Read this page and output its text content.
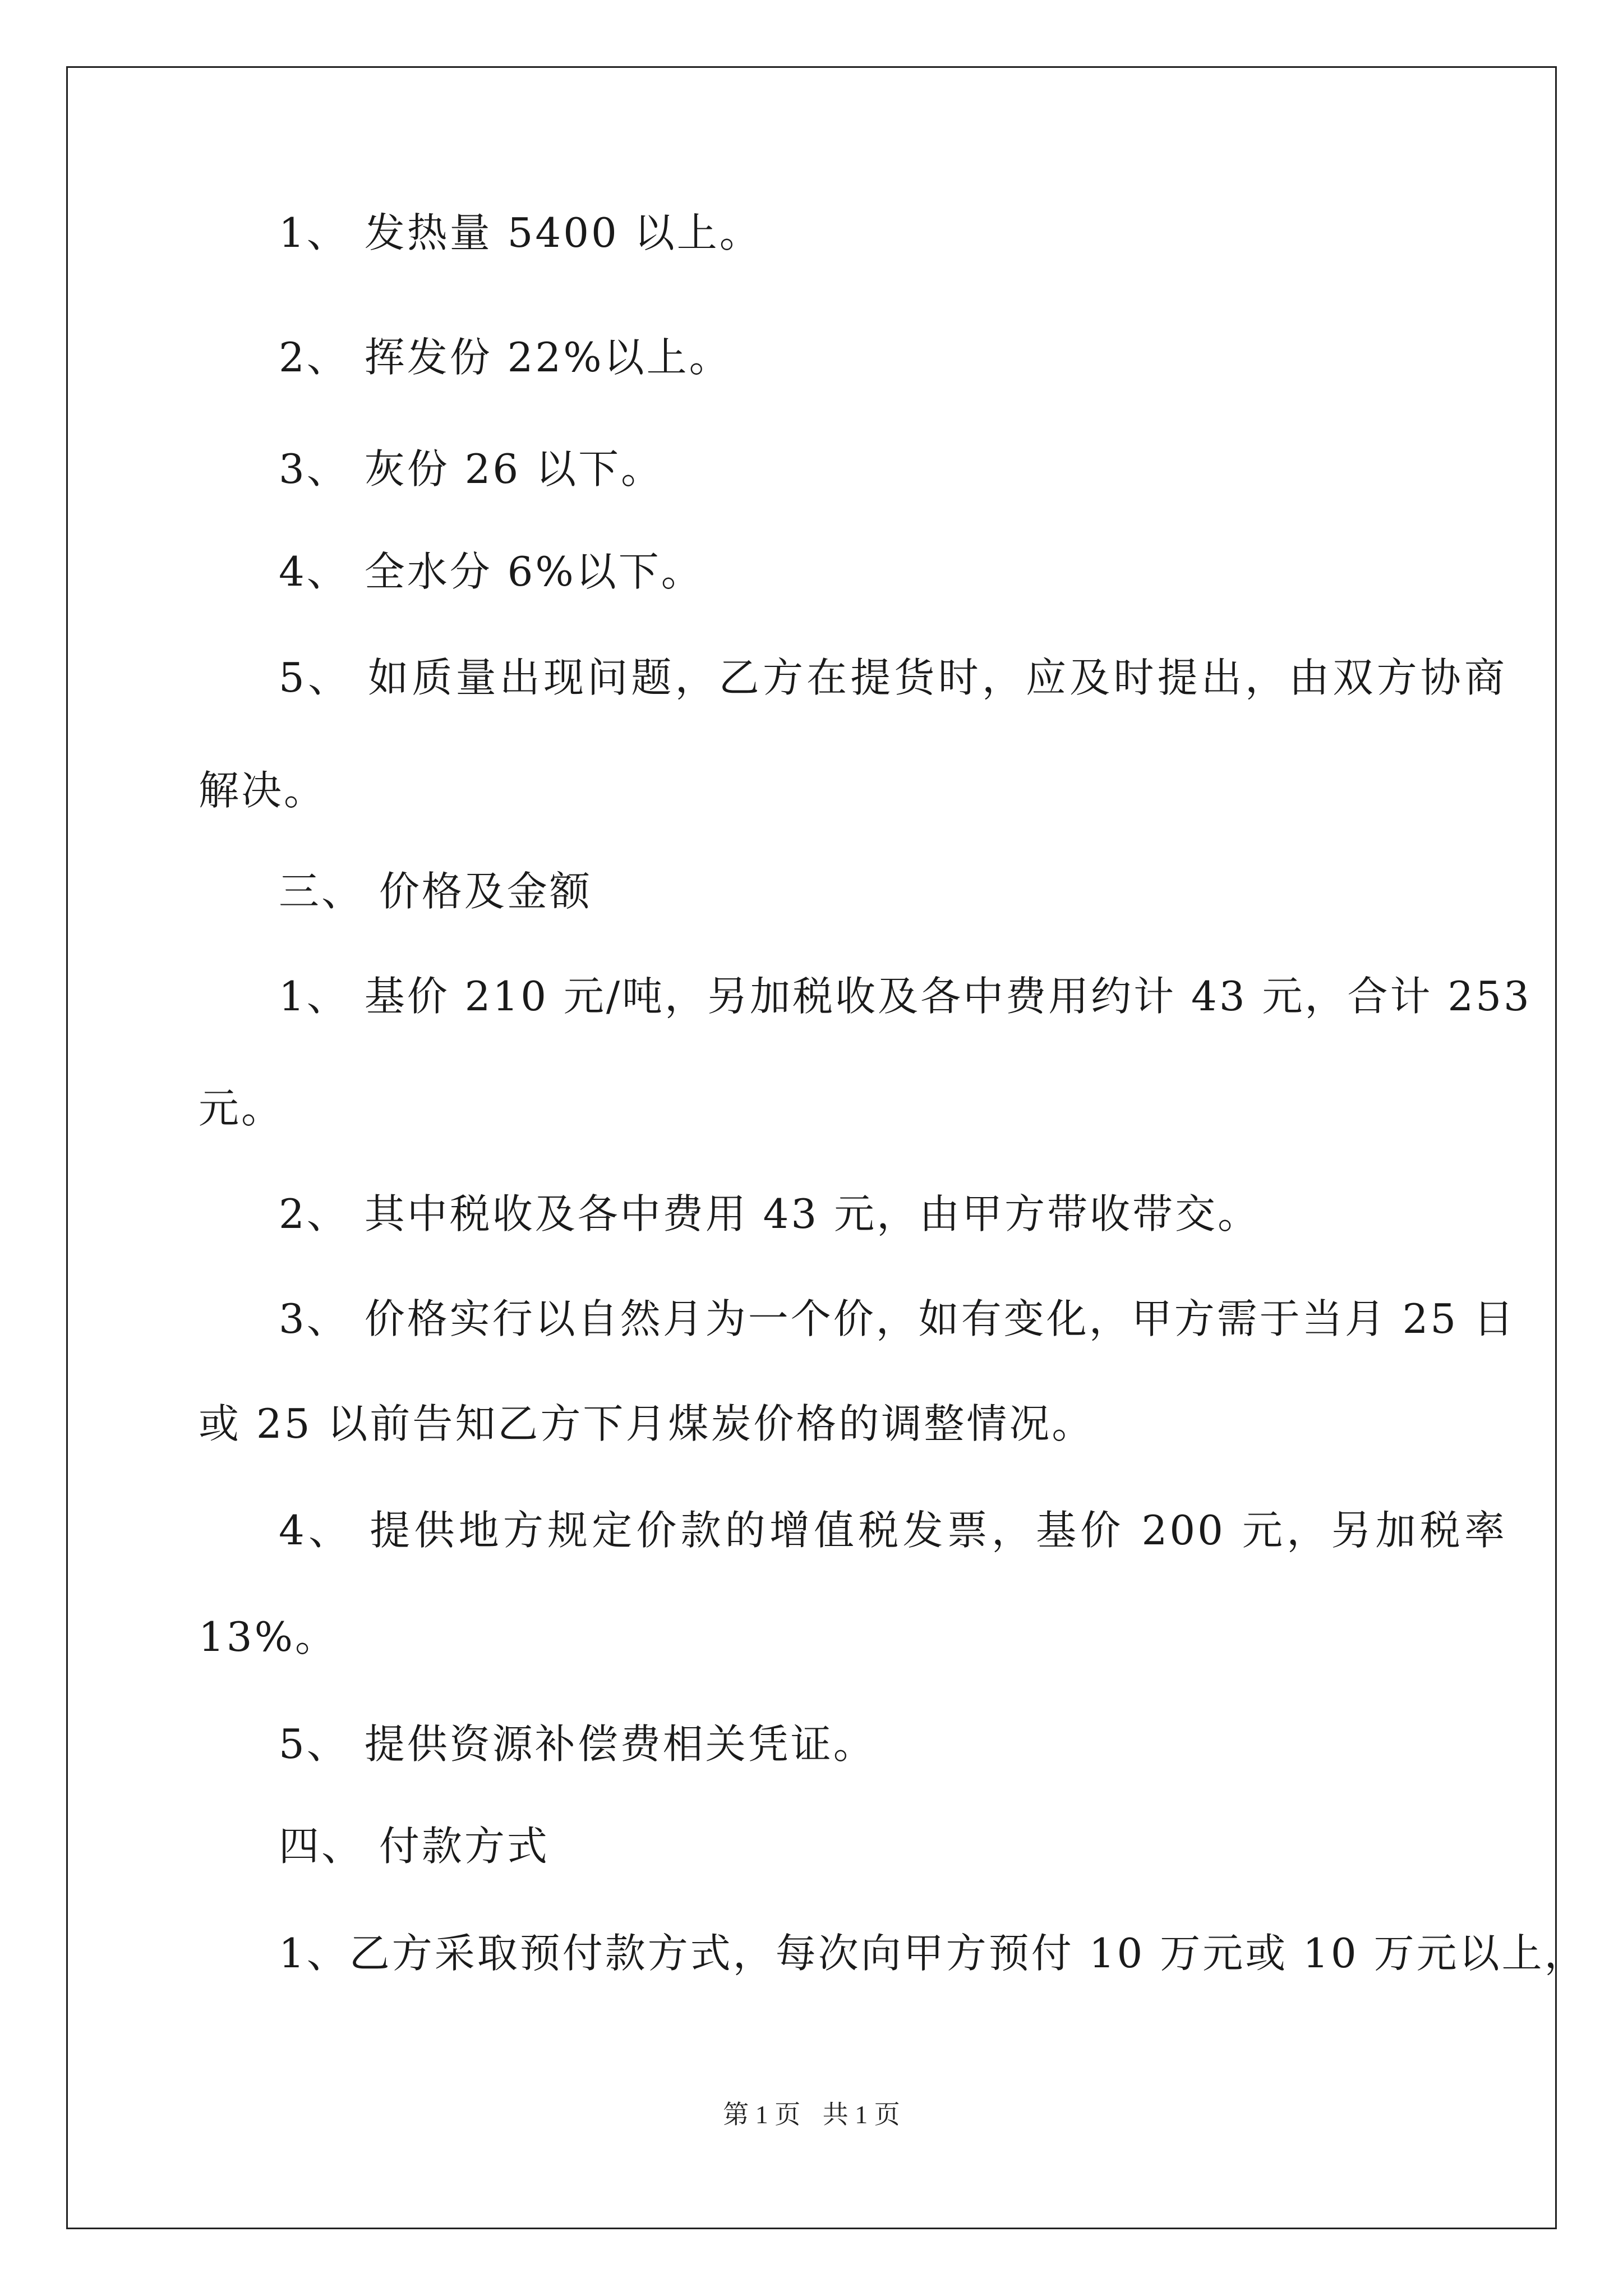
1、 发热量 5400 以上。
2、 挥发份 22%以上。
3、 灰份 26 以下。
4、 全水分 6%以下。
5、 如质量出现问题，乙方在提货时，应及时提出，由双方协商
解决。
三、 价格及金额
1、 基价 210 元/吨，另加税收及各中费用约计 43 元，合计 253
元。
2、 其中税收及各中费用 43 元，由甲方带收带交。
3、 价格实行以自然月为一个价，如有变化，甲方需于当月 25 日
或 25 以前告知乙方下月煤炭价格的调整情况。
4、 提供地方规定价款的增值税发票，基价 200 元，另加税率
13%。
5、 提供资源补偿费相关凭证。
四、 付款方式
1、乙方采取预付款方式，每次向甲方预付 10 万元或 10 万元以上，
第 1 页 共 1 页
